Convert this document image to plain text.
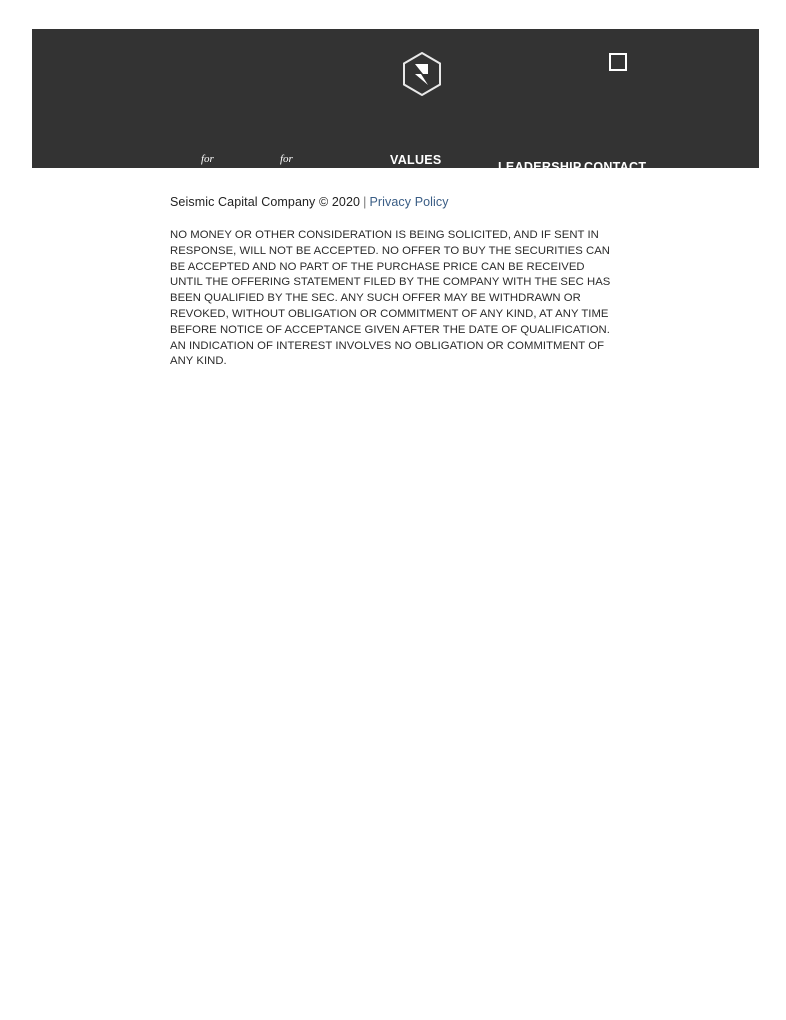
for
INVESTORS
for
ENTREPRENEURS
VALUES
STATEMENT
LEADERSHIP CONTACT
Seismic Capital Company © 2020 | Privacy Policy
NO MONEY OR OTHER CONSIDERATION IS BEING SOLICITED, AND IF SENT IN RESPONSE, WILL NOT BE ACCEPTED. NO OFFER TO BUY THE SECURITIES CAN BE ACCEPTED AND NO PART OF THE PURCHASE PRICE CAN BE RECEIVED UNTIL THE OFFERING STATEMENT FILED BY THE COMPANY WITH THE SEC HAS BEEN QUALIFIED BY THE SEC. ANY SUCH OFFER MAY BE WITHDRAWN OR REVOKED, WITHOUT OBLIGATION OR COMMITMENT OF ANY KIND, AT ANY TIME BEFORE NOTICE OF ACCEPTANCE GIVEN AFTER THE DATE OF QUALIFICATION. AN INDICATION OF INTEREST INVOLVES NO OBLIGATION OR COMMITMENT OF ANY KIND.
